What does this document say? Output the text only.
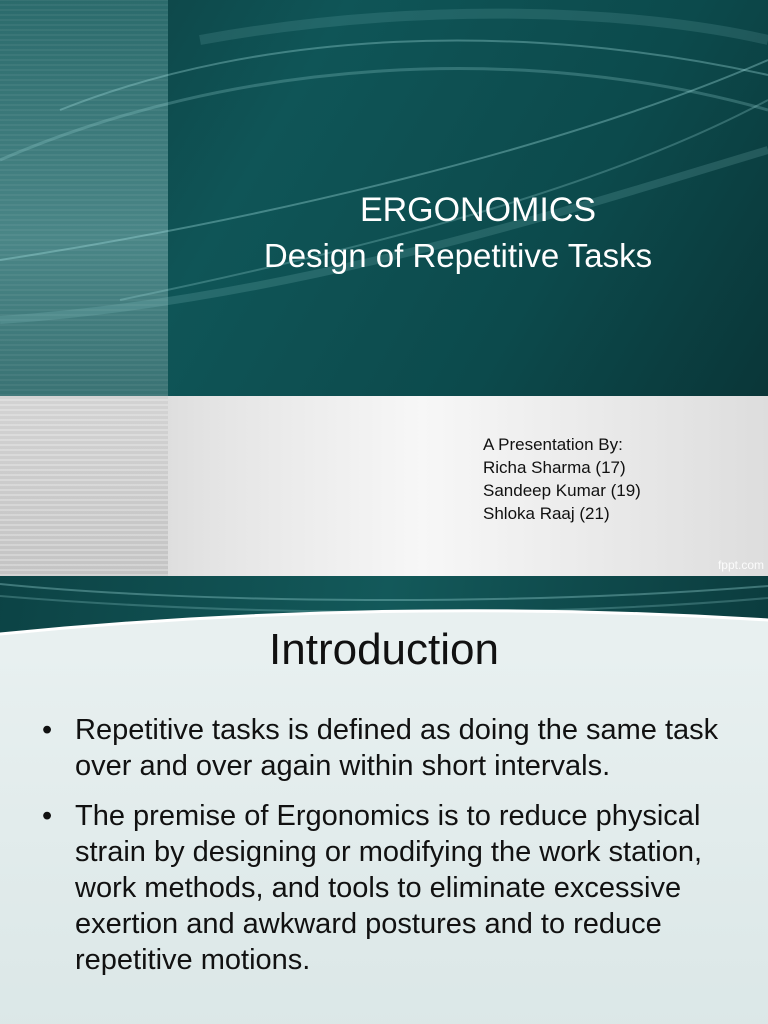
ERGONOMICS
Design of Repetitive Tasks
A Presentation By:
Richa Sharma (17)
Sandeep Kumar (19)
Shloka Raaj (21)
fppt.com
Introduction
• Repetitive tasks is defined as doing the same task over and over again within short intervals.
• The premise of Ergonomics is to reduce physical strain by designing or modifying the work station, work methods, and tools to eliminate excessive exertion and awkward postures and to reduce repetitive motions.
